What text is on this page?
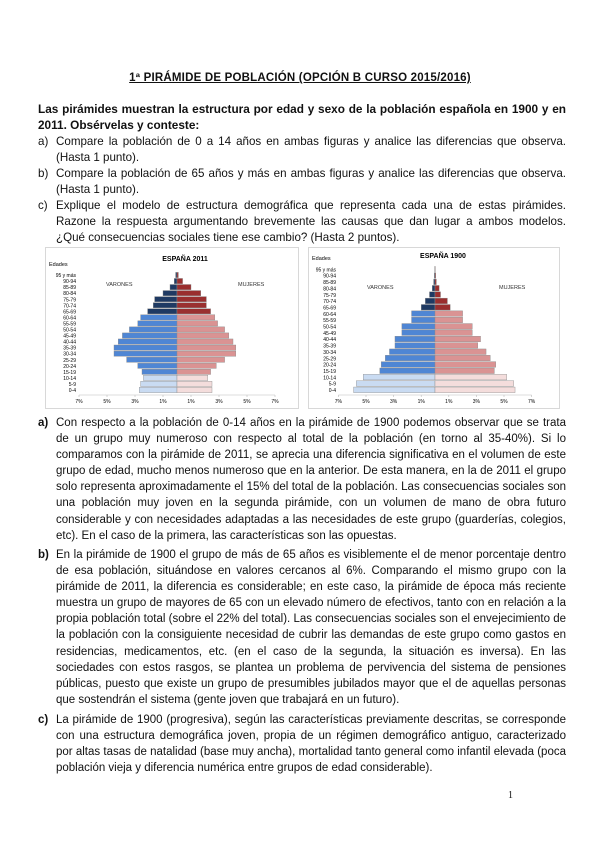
1ª PIRÁMIDE DE POBLACIÓN (OPCIÓN B CURSO 2015/2016)
Las pirámides muestran la estructura por edad y sexo de la población española en 1900 y en 2011. Obsérvelas y conteste:
a) Compare la población de 0 a 14 años en ambas figuras y analice las diferencias que observa. (Hasta 1 punto).
b) Compare la población de 65 años y más en ambas figuras y analice las diferencias que observa. (Hasta 1 punto).
c) Explique el modelo de estructura demográfica que representa cada una de estas pirámides. Razone la respuesta argumentando brevemente las causas que dan lugar a ambos modelos. ¿Qué consecuencias sociales tiene ese cambio? (Hasta 2 puntos).
ESPAÑA 2011
Edades
VARONES	MUJERES
95 y más
90-94
85-89
80-84
75-79
70-74
65-69
60-64
55-59
50-54
45-49
40-44
35-39
30-34
25-29
20-24
15-19
10-14
5-9
0-4
7%	5%	3%	1%	1%	3%	5%	7%
ESPAÑA 1900
Edades
VARONES	MUJERES
95 y más
90-94
85-89
80-84
75-79
70-74
65-69
60-64
55-59
50-54
45-49
40-44
35-39
30-34
25-29
20-24
15-19
10-14
5-9
0-4
7%	5%	3%	1%	1%	3%	5%	7%
a) Con respecto a la población de 0-14 años en la pirámide de 1900 podemos observar que se trata de un grupo muy numeroso con respecto al total de la población (en torno al 35-40%). Si lo comparamos con la pirámide de 2011, se aprecia una diferencia significativa en el volumen de este grupo de edad, mucho menos numeroso que en la anterior. De esta manera, en la de 2011 el grupo solo representa aproximadamente el 15% del total de la población. Las consecuencias sociales son una población muy joven en la segunda pirámide, con un volumen de mano de obra futuro considerable y con necesidades adaptadas a las necesidades de este grupo (guarderías, colegios, etc). En el caso de la primera, las características son las opuestas.
b) En la pirámide de 1900 el grupo de más de 65 años es visiblemente el de menor porcentaje dentro de esa población, situándose en valores cercanos al 6%. Comparando el mismo grupo con la pirámide de 2011, la diferencia es considerable; en este caso, la pirámide de época más reciente muestra un grupo de mayores de 65 con un elevado número de efectivos, tanto con en relación a la propia población total (sobre el 22% del total). Las consecuencias sociales son el envejecimiento de la población con la consiguiente necesidad de cubrir las demandas de este grupo como gastos en residencias, medicamentos, etc. (en el caso de la segunda, la situación es inversa). En las sociedades con estos rasgos, se plantea un problema de pervivencia del sistema de pensiones públicas, puesto que existe un grupo de presumibles jubilados mayor que el de aquellas personas que sostendrán el sistema (gente joven que trabajará en un futuro).
c) La pirámide de 1900 (progresiva), según las características previamente descritas, se corresponde con una estructura demográfica joven, propia de un régimen demográfico antiguo, caracterizado por altas tasas de natalidad (base muy ancha), mortalidad tanto general como infantil elevada (poca población vieja y diferencia numérica entre grupos de edad considerable).
1
